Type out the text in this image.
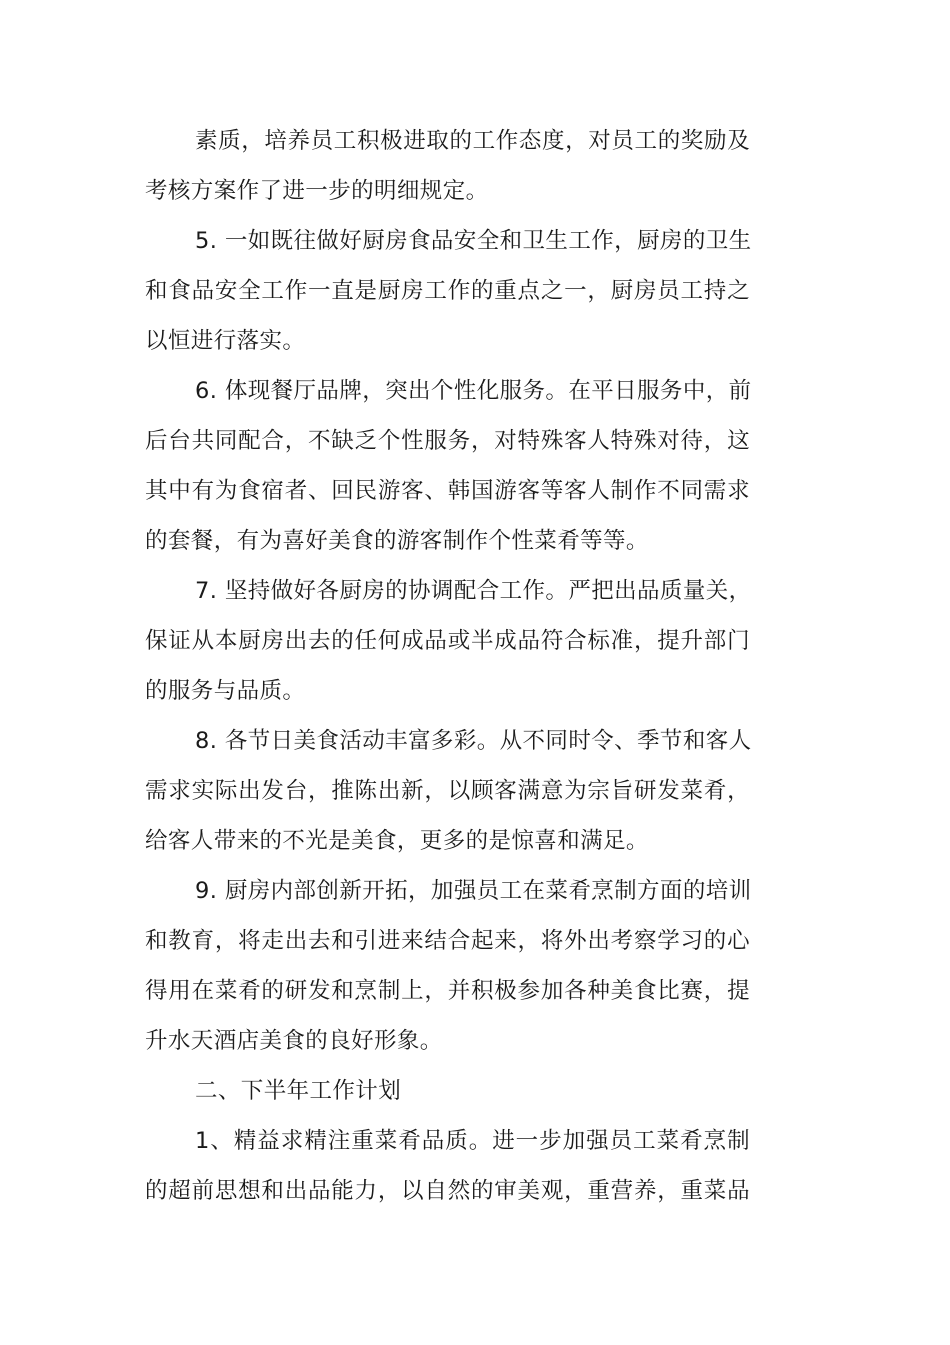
素质，培养员工积极进取的工作态度，对员工的奖励及
考核方案作了进一步的明细规定。
5. 一如既往做好厨房食品安全和卫生工作，厨房的卫生
和食品安全工作一直是厨房工作的重点之一，厨房员工持之
以恒进行落实。
6. 体现餐厅品牌，突出个性化服务。在平日服务中，前
后台共同配合，不缺乏个性服务，对特殊客人特殊对待，这
其中有为食宿者、回民游客、韩国游客等客人制作不同需求
的套餐，有为喜好美食的游客制作个性菜肴等等。
7. 坚持做好各厨房的协调配合工作。严把出品质量关，
保证从本厨房出去的任何成品或半成品符合标准，提升部门
的服务与品质。
8. 各节日美食活动丰富多彩。从不同时令、季节和客人
需求实际出发台，推陈出新，以顾客满意为宗旨研发菜肴，
给客人带来的不光是美食，更多的是惊喜和满足。
9. 厨房内部创新开拓，加强员工在菜肴烹制方面的培训
和教育，将走出去和引进来结合起来，将外出考察学习的心
得用在菜肴的研发和烹制上，并积极参加各种美食比赛，提
升水天酒店美食的良好形象。
二、下半年工作计划
1、精益求精注重菜肴品质。进一步加强员工菜肴烹制
的超前思想和出品能力，以自然的审美观，重营养，重菜品
